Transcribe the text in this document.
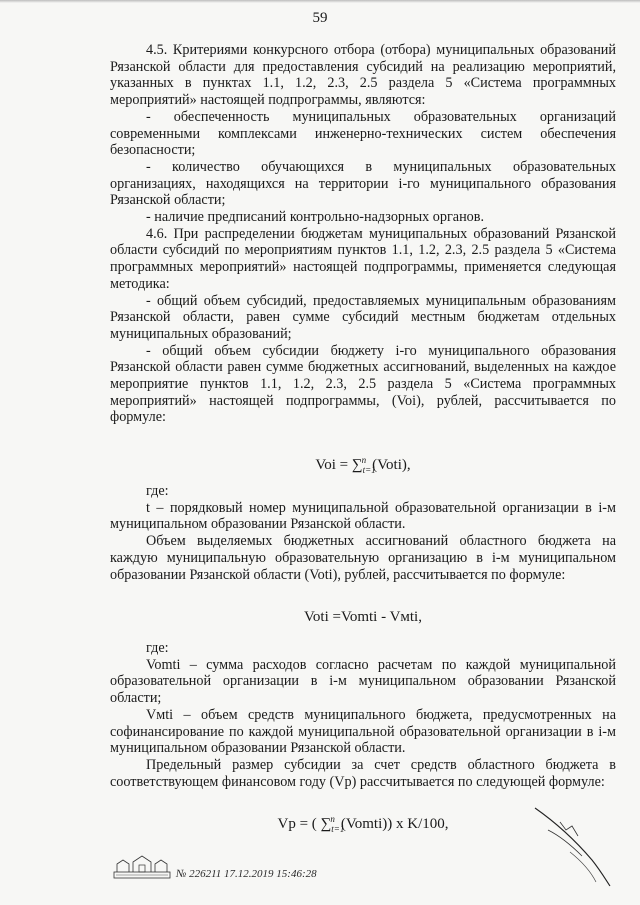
59

4.5. Критериями конкурсного отбора (отбора) муниципальных образований Рязанской области для предоставления субсидий на реализацию мероприятий, указанных в пунктах 1.1, 1.2, 2.3, 2.5 раздела 5 «Система программных мероприятий» настоящей подпрограммы, являются:

- обеспеченность муниципальных образовательных организаций современными комплексами инженерно-технических систем обеспечения безопасности;

- количество обучающихся в муниципальных образовательных организациях, находящихся на территории i-го муниципального образования Рязанской области;

- наличие предписаний контрольно-надзорных органов.

4.6. При распределении бюджетам муниципальных образований Рязанской области субсидий по мероприятиям пунктов 1.1, 1.2, 2.3, 2.5 раздела 5 «Система программных мероприятий» настоящей подпрограммы, применяется следующая методика:

- общий объем субсидий, предоставляемых муниципальным образованиям Рязанской области, равен сумме субсидий местным бюджетам отдельных муниципальных образований;

- общий объем субсидии бюджету i-го муниципального образования Рязанской области равен сумме бюджетных ассигнований, выделенных на каждое мероприятие пунктов 1.1, 1.2, 2.3, 2.5 раздела 5 «Система программных мероприятий» настоящей подпрограммы, (Voi), рублей, рассчитывается по формуле:

Voi = $\sum_{t=1}^n$ (Voti),

где:

t – порядковый номер муниципальной образовательной организации в i-м муниципальном образовании Рязанской области.

Объем выделяемых бюджетных ассигнований областного бюджета на каждую муниципальную образовательную организацию в i-м муниципальном образовании Рязанской области (Voti), рублей, рассчитывается по формуле:

Voti =Vomti - Vмti,

где:

Vomti – сумма расходов согласно расчетам по каждой муниципальной образовательной организации в i-м муниципальном образовании Рязанской области;

Vмti – объем средств муниципального бюджета, предусмотренных на софинансирование по каждой муниципальной образовательной организации в i-м муниципальном образовании Рязанской области.

Предельный размер субсидии за счет средств областного бюджета в соответствующем финансовом году (Vp) рассчитывается по следующей формуле:

Vp = ( $\sum_{t=1}^n$ (Vomti)) x K/100,
№ 226211 17.12.2019 15:46:28
